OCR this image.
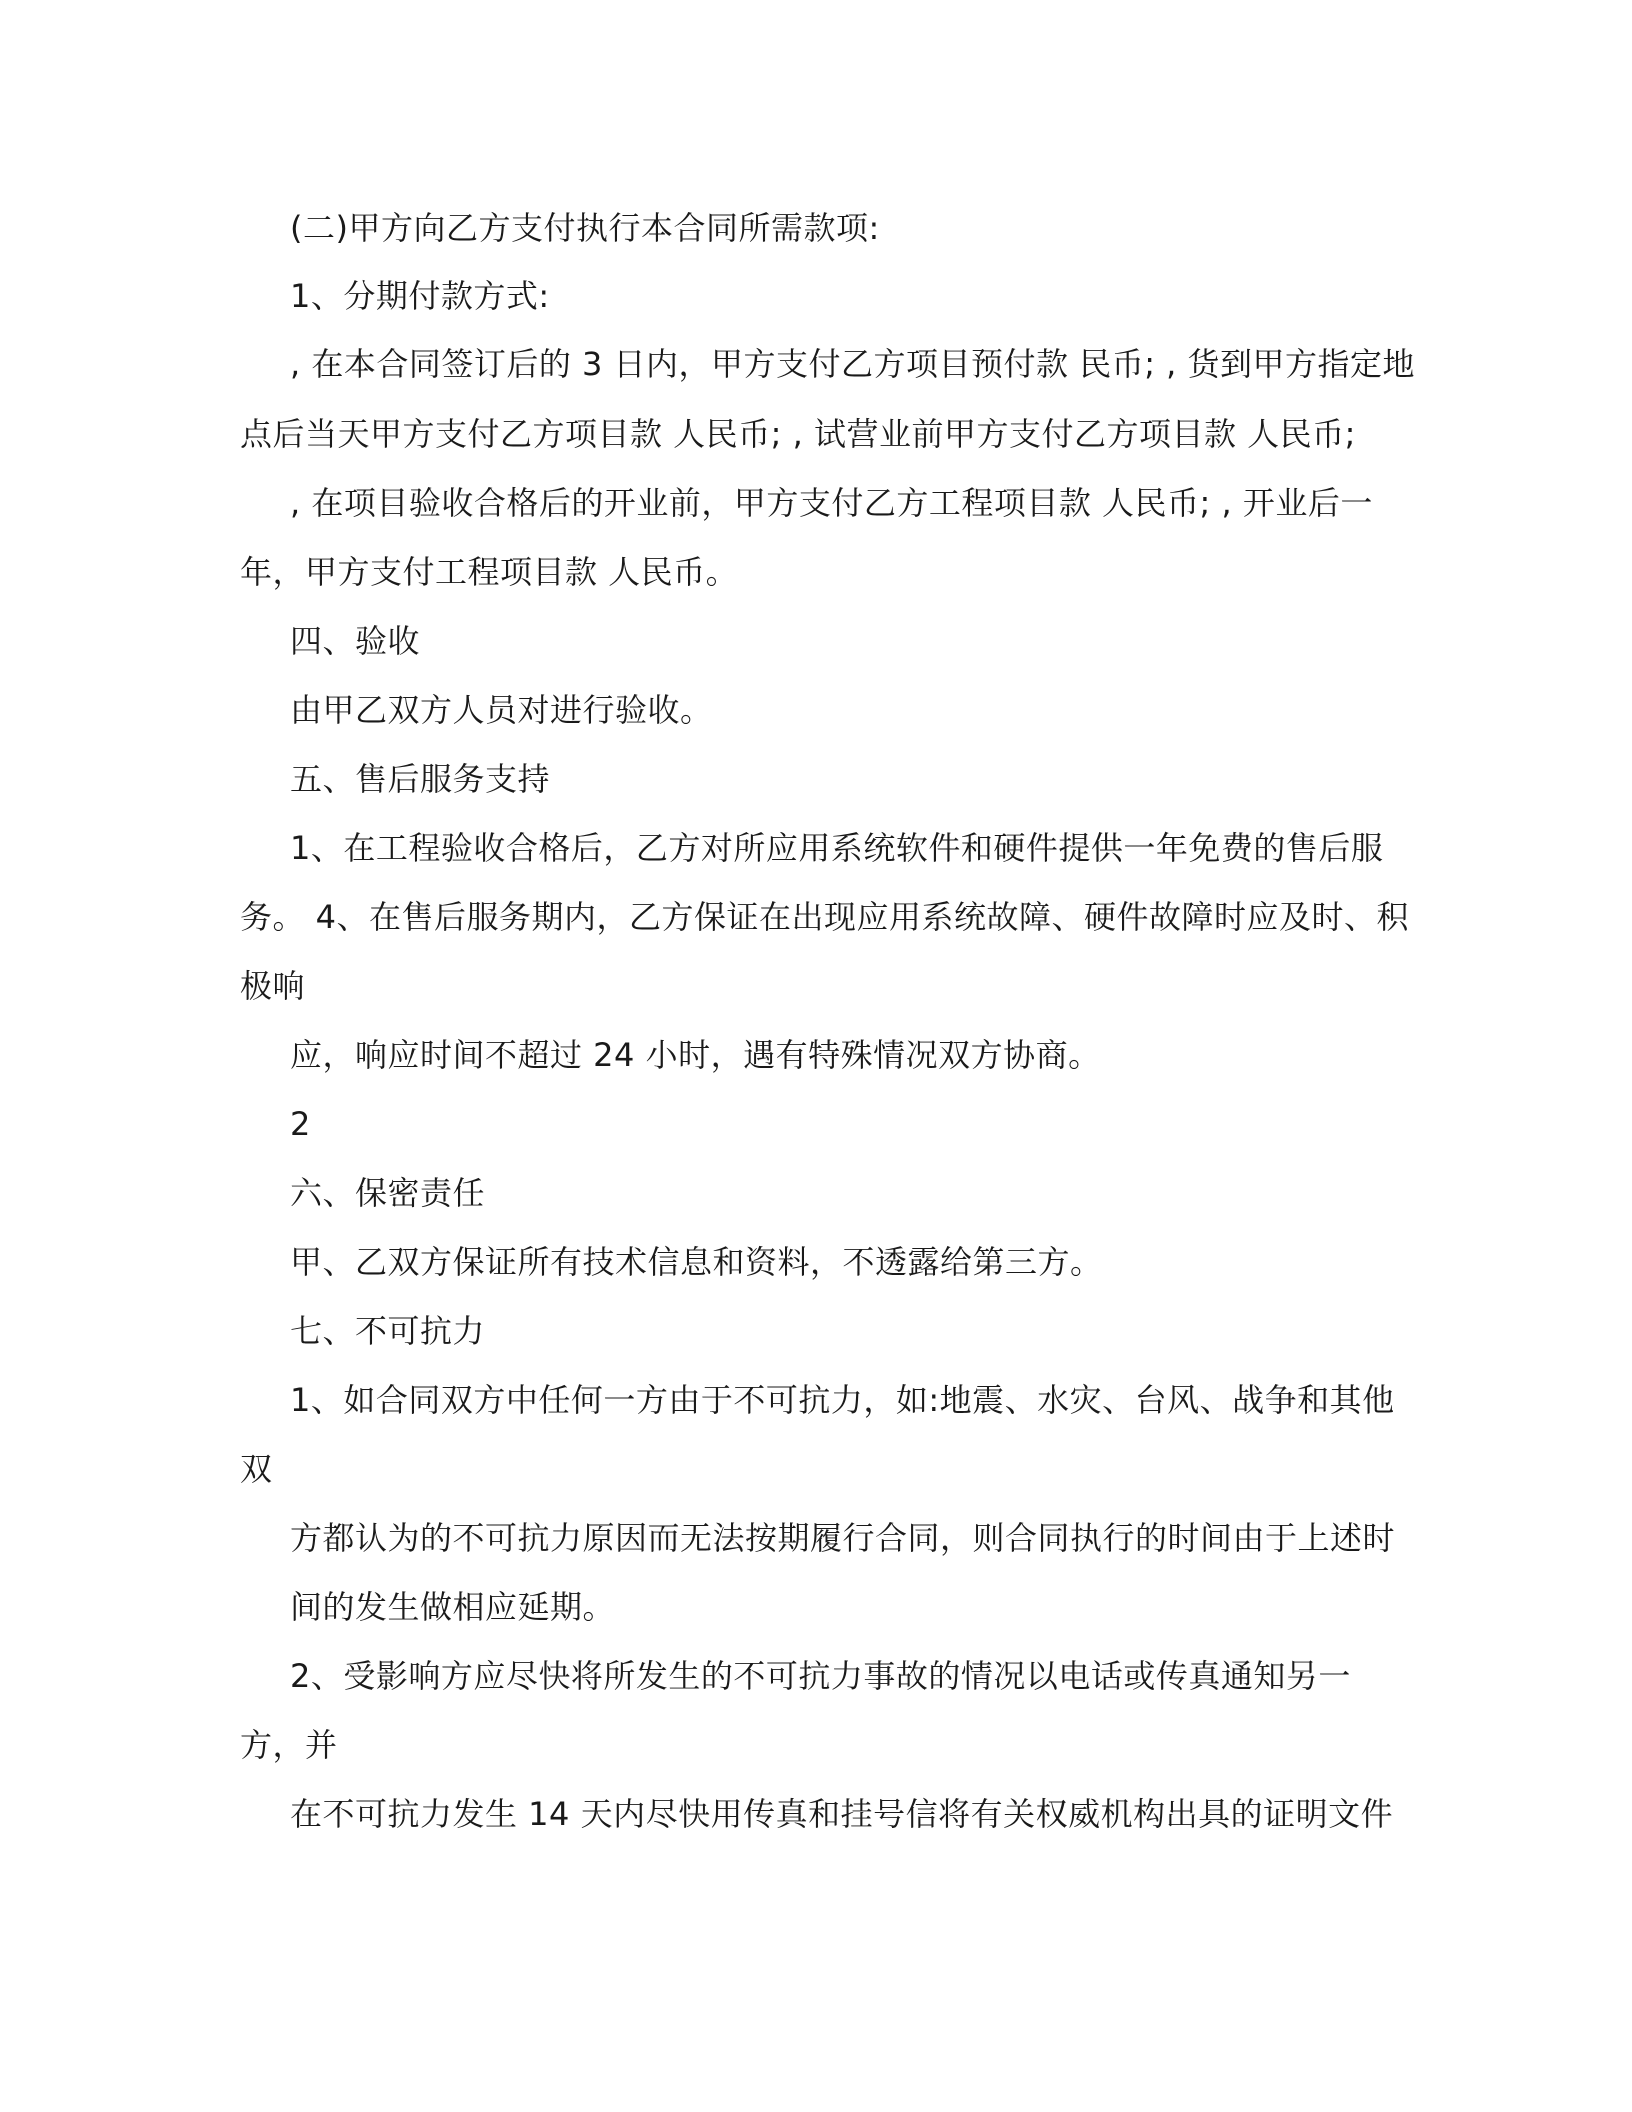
(二)甲方向乙方支付执行本合同所需款项:

1、分期付款方式:

, 在本合同签订后的 3 日内，甲方支付乙方项目预付款 民币; , 货到甲方指定地

点后当天甲方支付乙方项目款 人民币; , 试营业前甲方支付乙方项目款 人民币;

, 在项目验收合格后的开业前，甲方支付乙方工程项目款 人民币; , 开业后一

年，甲方支付工程项目款 人民币。

四、验收

由甲乙双方人员对进行验收。

五、售后服务支持

1、在工程验收合格后，乙方对所应用系统软件和硬件提供一年免费的售后服

务。 4、在售后服务期内，乙方保证在出现应用系统故障、硬件故障时应及时、积

极响

应，响应时间不超过 24 小时，遇有特殊情况双方协商。

2

六、保密责任

甲、乙双方保证所有技术信息和资料，不透露给第三方。

七、不可抗力

1、如合同双方中任何一方由于不可抗力，如:地震、水灾、台风、战争和其他

双

方都认为的不可抗力原因而无法按期履行合同，则合同执行的时间由于上述时

间的发生做相应延期。

2、受影响方应尽快将所发生的不可抗力事故的情况以电话或传真通知另一

方，并

在不可抗力发生 14 天内尽快用传真和挂号信将有关权威机构出具的证明文件
